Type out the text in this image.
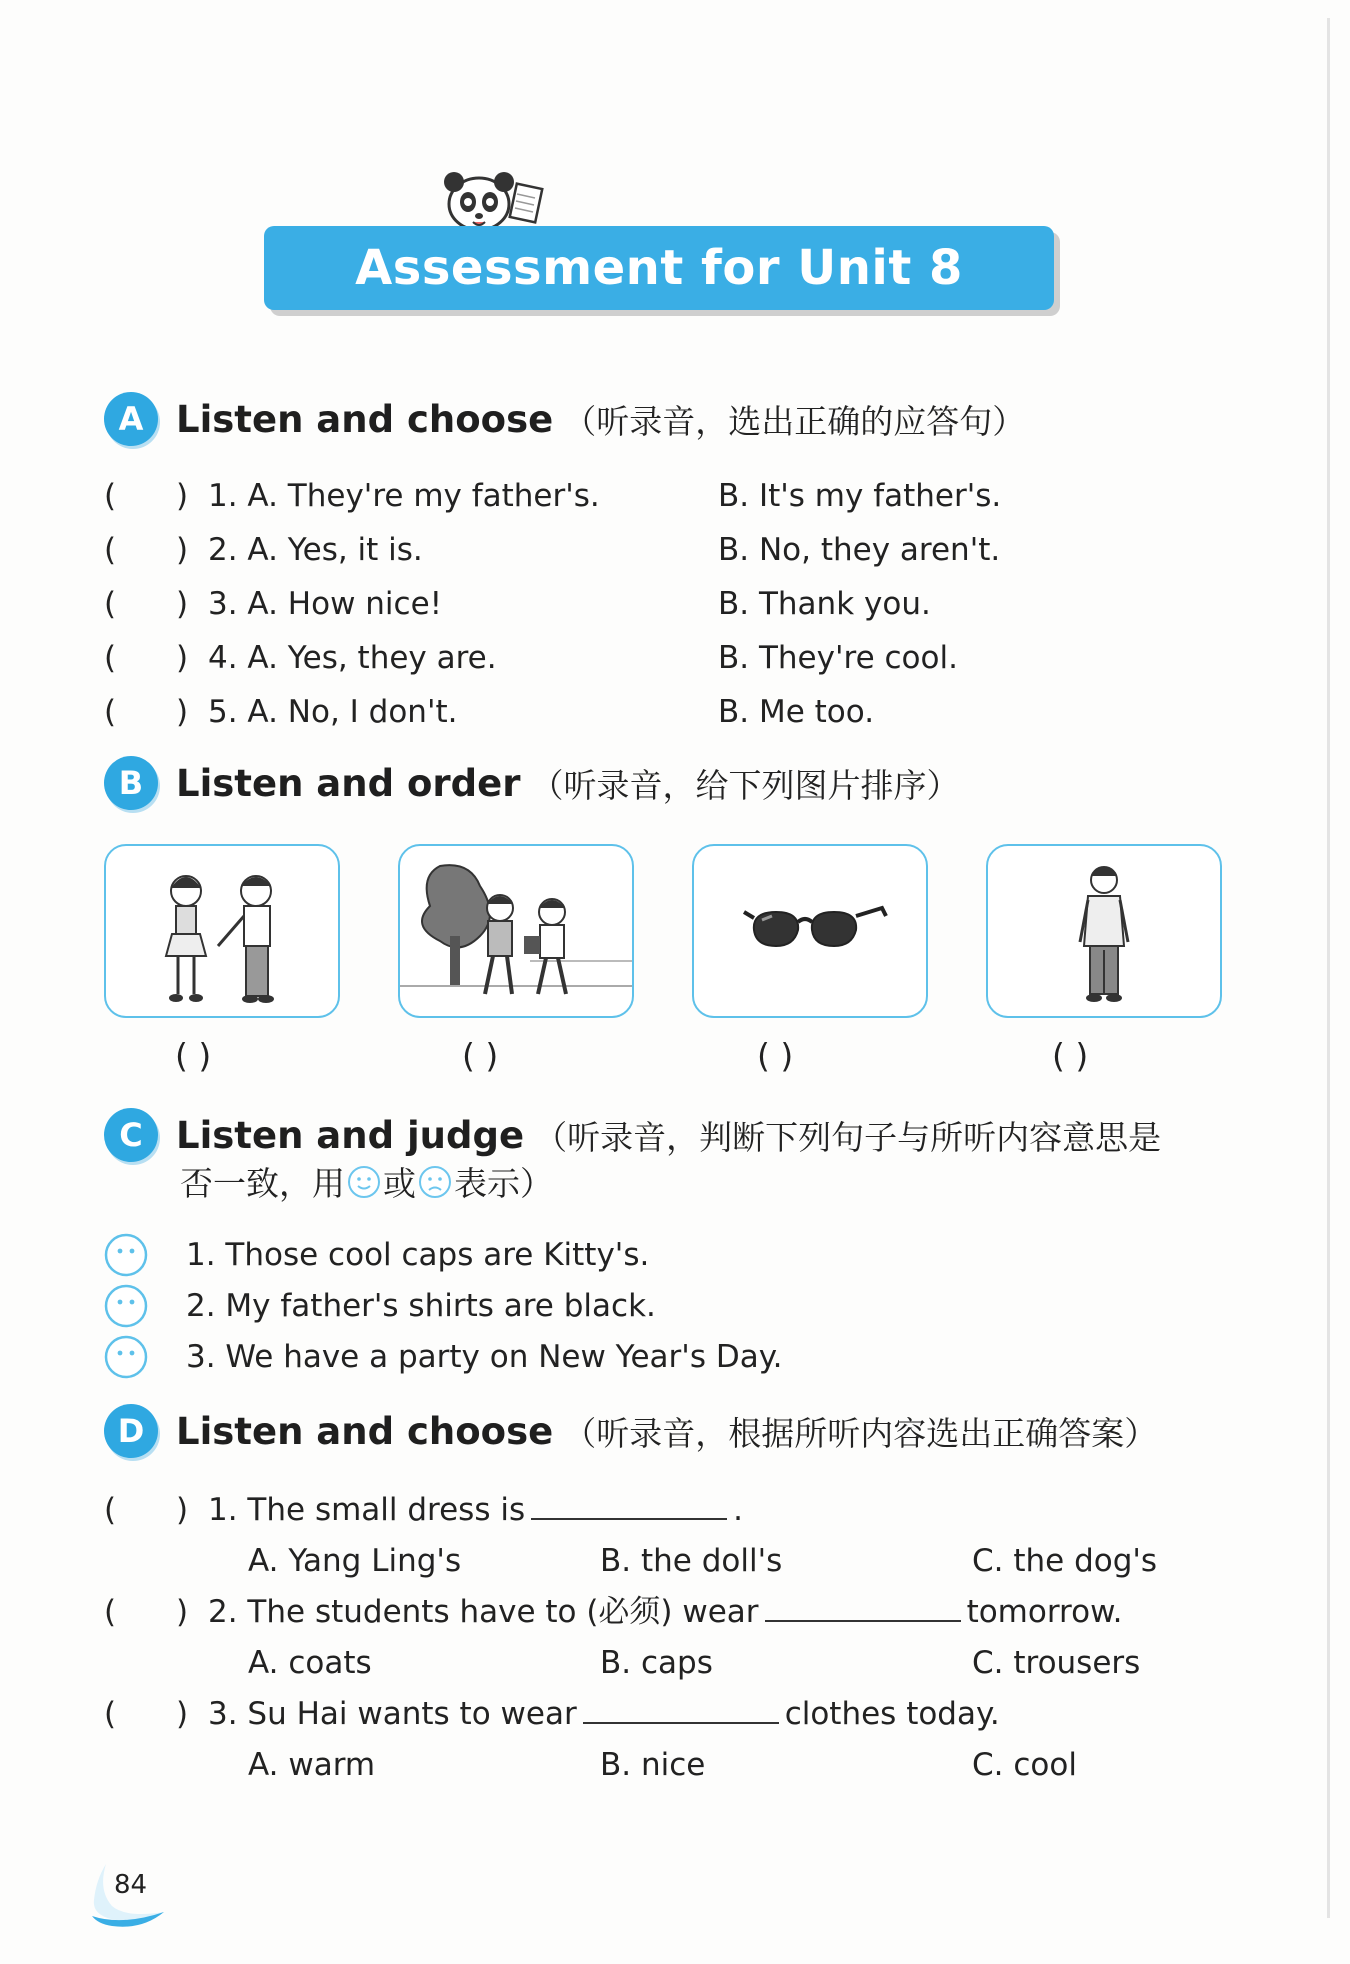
Assessment for Unit 8
A Listen and choose （听录音，选出正确的应答句）
( ) 1. A. They're my father's.	B. It's my father's.
( ) 2. A. Yes, it is.	B. No, they aren't.
( ) 3. A. How nice!	B. Thank you.
( ) 4. A. Yes, they are.	B. They're cool.
( ) 5. A. No, I don't.	B. Me too.
B Listen and order （听录音，给下列图片排序）
( )	( )	( )	( )
C Listen and judge （听录音，判断下列句子与所听内容意思是
否一致，用 或 表示）
1. Those cool caps are Kitty's.
2. My father's shirts are black.
3. We have a party on New Year's Day.
D Listen and choose （听录音，根据所听内容选出正确答案）
( ) 1. The small dress is	.
A. Yang Ling's	B. the doll's	C. the dog's
( ) 2. The students have to (必须) wear	tomorrow.
A. coats	B. caps	C. trousers
( ) 3. Su Hai wants to wear	clothes today.
A. warm	B. nice	C. cool
84
